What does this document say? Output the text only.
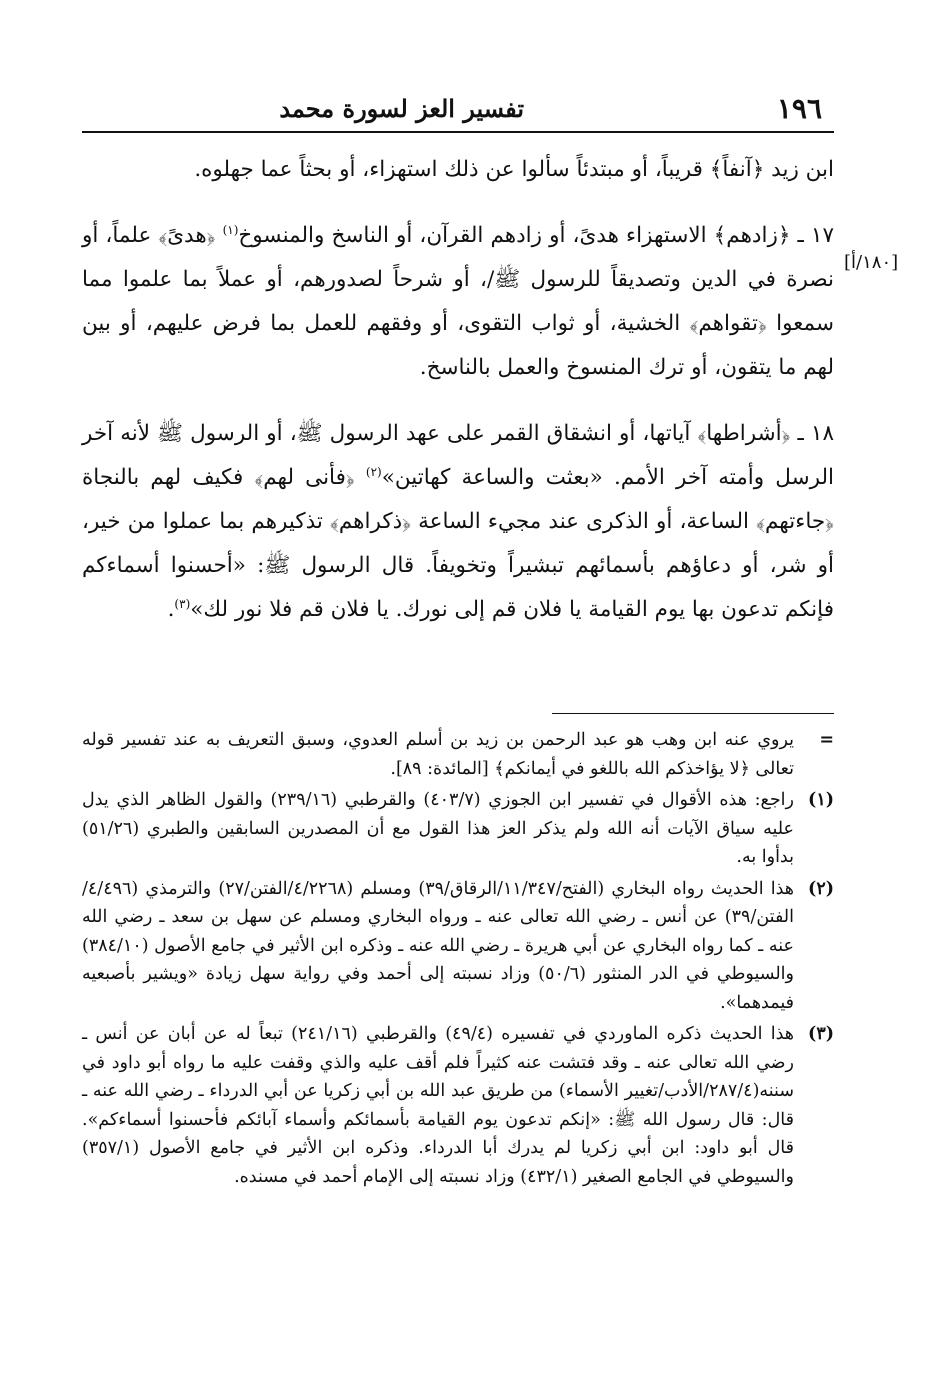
١٩٦
تفسير العز لسورة محمد
[١٨٠/أ]

ابن زيد ﴿آنفاً﴾ قريباً، أو مبتدئاً سألوا عن ذلك استهزاء، أو بحثاً عما جهلوه.

١٧ ـ ﴿زادهم﴾ الاستهزاء هدىً، أو زادهم القرآن، أو الناسخ والمنسوخ$^{(١)}$ ﴿هدىً﴾ علماً، أو نصرة في الدين وتصديقاً للرسول ﷺ/، أو شرحاً لصدورهم، أو عملاً بما علموا مما سمعوا ﴿تقواهم﴾ الخشية، أو ثواب التقوى، أو وفقهم للعمل بما فرض عليهم، أو بين لهم ما يتقون، أو ترك المنسوخ والعمل بالناسخ.

١٨ ـ ﴿أشراطها﴾ آياتها، أو انشقاق القمر على عهد الرسول ﷺ، أو الرسول ﷺ لأنه آخر الرسل وأمته آخر الأمم. «بعثت والساعة كهاتين»$^{(٢)}$ ﴿فأنى لهم﴾ فكيف لهم بالنجاة ﴿جاءتهم﴾ الساعة، أو الذكرى عند مجيء الساعة ﴿ذكراهم﴾ تذكيرهم بما عملوا من خير، أو شر، أو دعاؤهم بأسمائهم تبشيراً وتخويفاً. قال الرسول ﷺ: «أحسنوا أسماءكم فإنكم تدعون بها يوم القيامة يا فلان قم إلى نورك. يا فلان قم فلا نور لك»$^{(٣)}$.

=
يروي عنه ابن وهب هو عبد الرحمن بن زيد بن أسلم العدوي، وسبق التعريف به عند تفسير قوله تعالى ﴿لا يؤاخذكم الله باللغو في أيمانكم﴾ [المائدة: ٨٩].
(١)
راجع: هذه الأقوال في تفسير ابن الجوزي (٤٠٣/٧) والقرطبي (٢٣٩/١٦) والقول الظاهر الذي يدل عليه سياق الآيات أنه الله ولم يذكر العز هذا القول مع أن المصدرين السابقين والطبري (٥١/٢٦) بدأوا به.
(٢)
هذا الحديث رواه البخاري (الفتح/١١/٣٤٧/الرقاق/٣٩) ومسلم (٤/٢٢٦٨/الفتن/٢٧) والترمذي (٤/٤٩٦/الفتن/٣٩) عن أنس ـ رضي الله تعالى عنه ـ ورواه البخاري ومسلم عن سهل بن سعد ـ رضي الله عنه ـ كما رواه البخاري عن أبي هريرة ـ رضي الله عنه ـ وذكره ابن الأثير في جامع الأصول (٣٨٤/١٠) والسيوطي في الدر المنثور (٥٠/٦) وزاد نسبته إلى أحمد وفي رواية سهل زيادة «ويشير بأصبعيه فيمدهما».
(٣)
هذا الحديث ذكره الماوردي في تفسيره (٤٩/٤) والقرطبي (٢٤١/١٦) تبعاً له عن أبان عن أنس ـ رضي الله تعالى عنه ـ وقد فتشت عنه كثيراً فلم أقف عليه والذي وقفت عليه ما رواه أبو داود في سننه(٢٨٧/٤/الأدب/تغيير الأسماء) من طريق عبد الله بن أبي زكريا عن أبي الدرداء ـ رضي الله عنه ـ قال: قال رسول الله ﷺ: «إنكم تدعون يوم القيامة بأسمائكم وأسماء آبائكم فأحسنوا أسماءكم». قال أبو داود: ابن أبي زكريا لم يدرك أبا الدرداء. وذكره ابن الأثير في جامع الأصول (٣٥٧/١) والسيوطي في الجامع الصغير (٤٣٢/١) وزاد نسبته إلى الإمام أحمد في مسنده.
